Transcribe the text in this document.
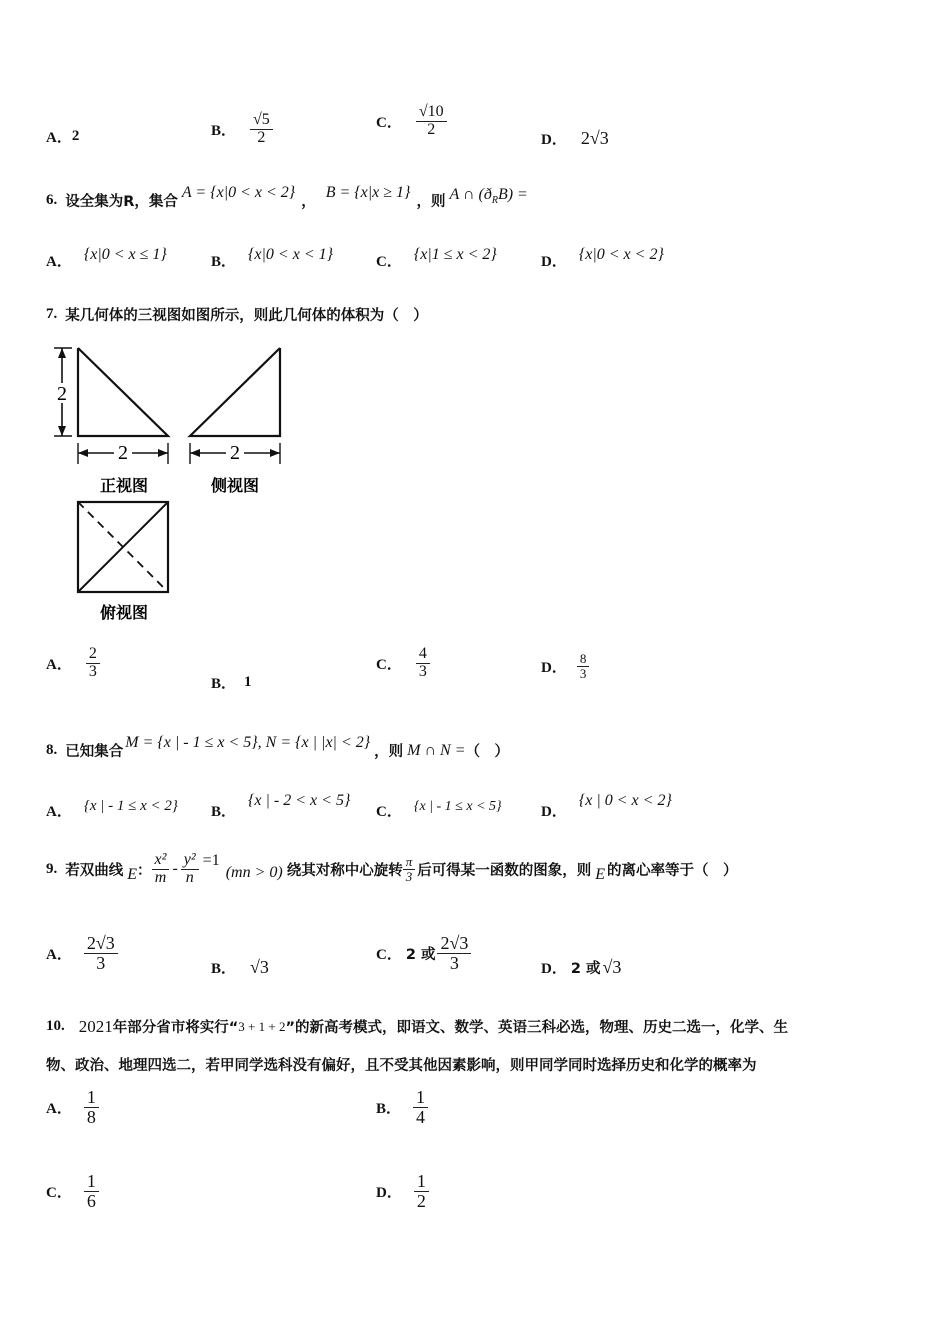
A． 2	B． $\frac{√5}{2}$	C． $\frac{√10}{2}$
D． 2√3
6. 设全集为R，集合
A = {x|0 < x < 2}
，
B = {x|x ≥ 1}
，则 A ∩ $(ð_RB)$ =
A． {x|0 < x ≤ 1}	B． {x|0 < x < 1}	C． {x|1 ≤ x < 2}	D． {x|0 < x < 2}
7. 某几何体的三视图如图所示，则此几何体的体积为（　）
2
2
正视图
2
侧视图
俯视图
A． $\frac{2}{3}$
B． 1
C． $\frac{4}{3}$	D． $\frac{8}{3}$
8. 已知集合
M = {x | - 1 ≤ x < 5}, N = {x | |x| < 2}
，则 M ∩ N = （　）
A． {x | - 1 ≤ x < 2} B．
{x | - 2 < x < 5}
C． {x | - 1 ≤ x < 5}	D．
{x | 0 < x < 2}
9. 若双曲线 E ： $\frac{\text{x²}}{m} - \frac{\text{y²}}{n} =1$
(mn > 0) 绕其对称中心旋转 $\frac{\pi}{3}$ 后可得某一函数的图象，则 E 的离心率等于（　）
A． $\frac{2√3}{3}$	B． √3
C． 2 或 $\frac{2√3}{3}$	D． 2 或 √3
10. 2021 年部分省市将实行“ 3 + 1 + 2 ”的新高考模式，即语文、数学、英语三科必选，物理、历史二选一，化学、生
物、政治、地理四选二，若甲同学选科没有偏好，且不受其他因素影响，则甲同学同时选择历史和化学的概率为
A． $\frac{1}{8}$	B． $\frac{1}{4}$
C． $\frac{1}{6}$	D． $\frac{1}{2}$
